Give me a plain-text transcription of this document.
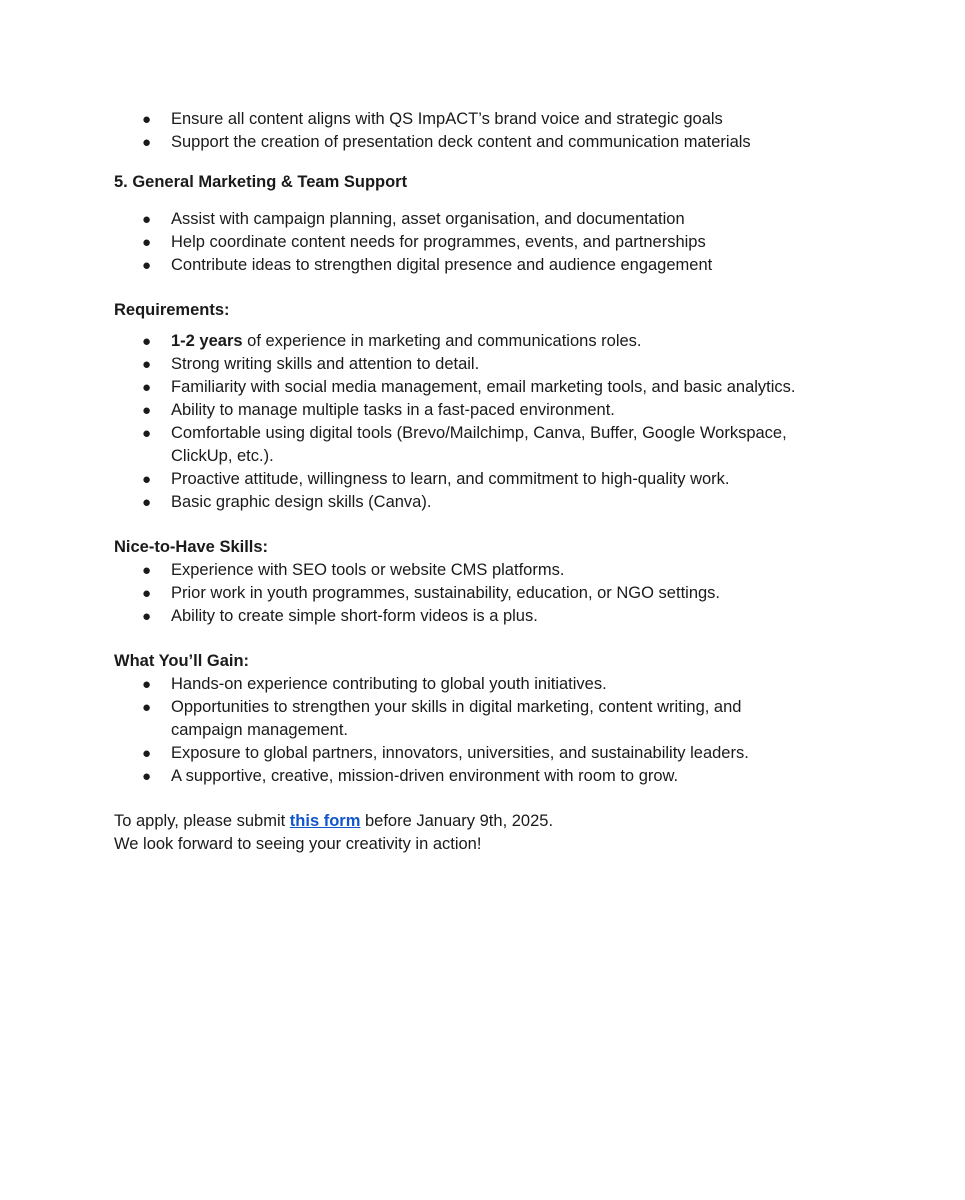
● Ensure all content aligns with QS ImpACT’s brand voice and strategic goals
● Support the creation of presentation deck content and communication materials
5. General Marketing & Team Support
● Assist with campaign planning, asset organisation, and documentation
● Help coordinate content needs for programmes, events, and partnerships
● Contribute ideas to strengthen digital presence and audience engagement
Requirements:
● 1-2 years of experience in marketing and communications roles.
● Strong writing skills and attention to detail.
● Familiarity with social media management, email marketing tools, and basic analytics.
● Ability to manage multiple tasks in a fast-paced environment.
● Comfortable using digital tools (Brevo/Mailchimp, Canva, Buffer, Google Workspace, ClickUp, etc.).
● Proactive attitude, willingness to learn, and commitment to high-quality work.
● Basic graphic design skills (Canva).
Nice-to-Have Skills:
● Experience with SEO tools or website CMS platforms.
● Prior work in youth programmes, sustainability, education, or NGO settings.
● Ability to create simple short-form videos is a plus.
What You’ll Gain:
● Hands-on experience contributing to global youth initiatives.
● Opportunities to strengthen your skills in digital marketing, content writing, and campaign management.
● Exposure to global partners, innovators, universities, and sustainability leaders.
● A supportive, creative, mission-driven environment with room to grow.

To apply, please submit this form before January 9th, 2025.

We look forward to seeing your creativity in action!
